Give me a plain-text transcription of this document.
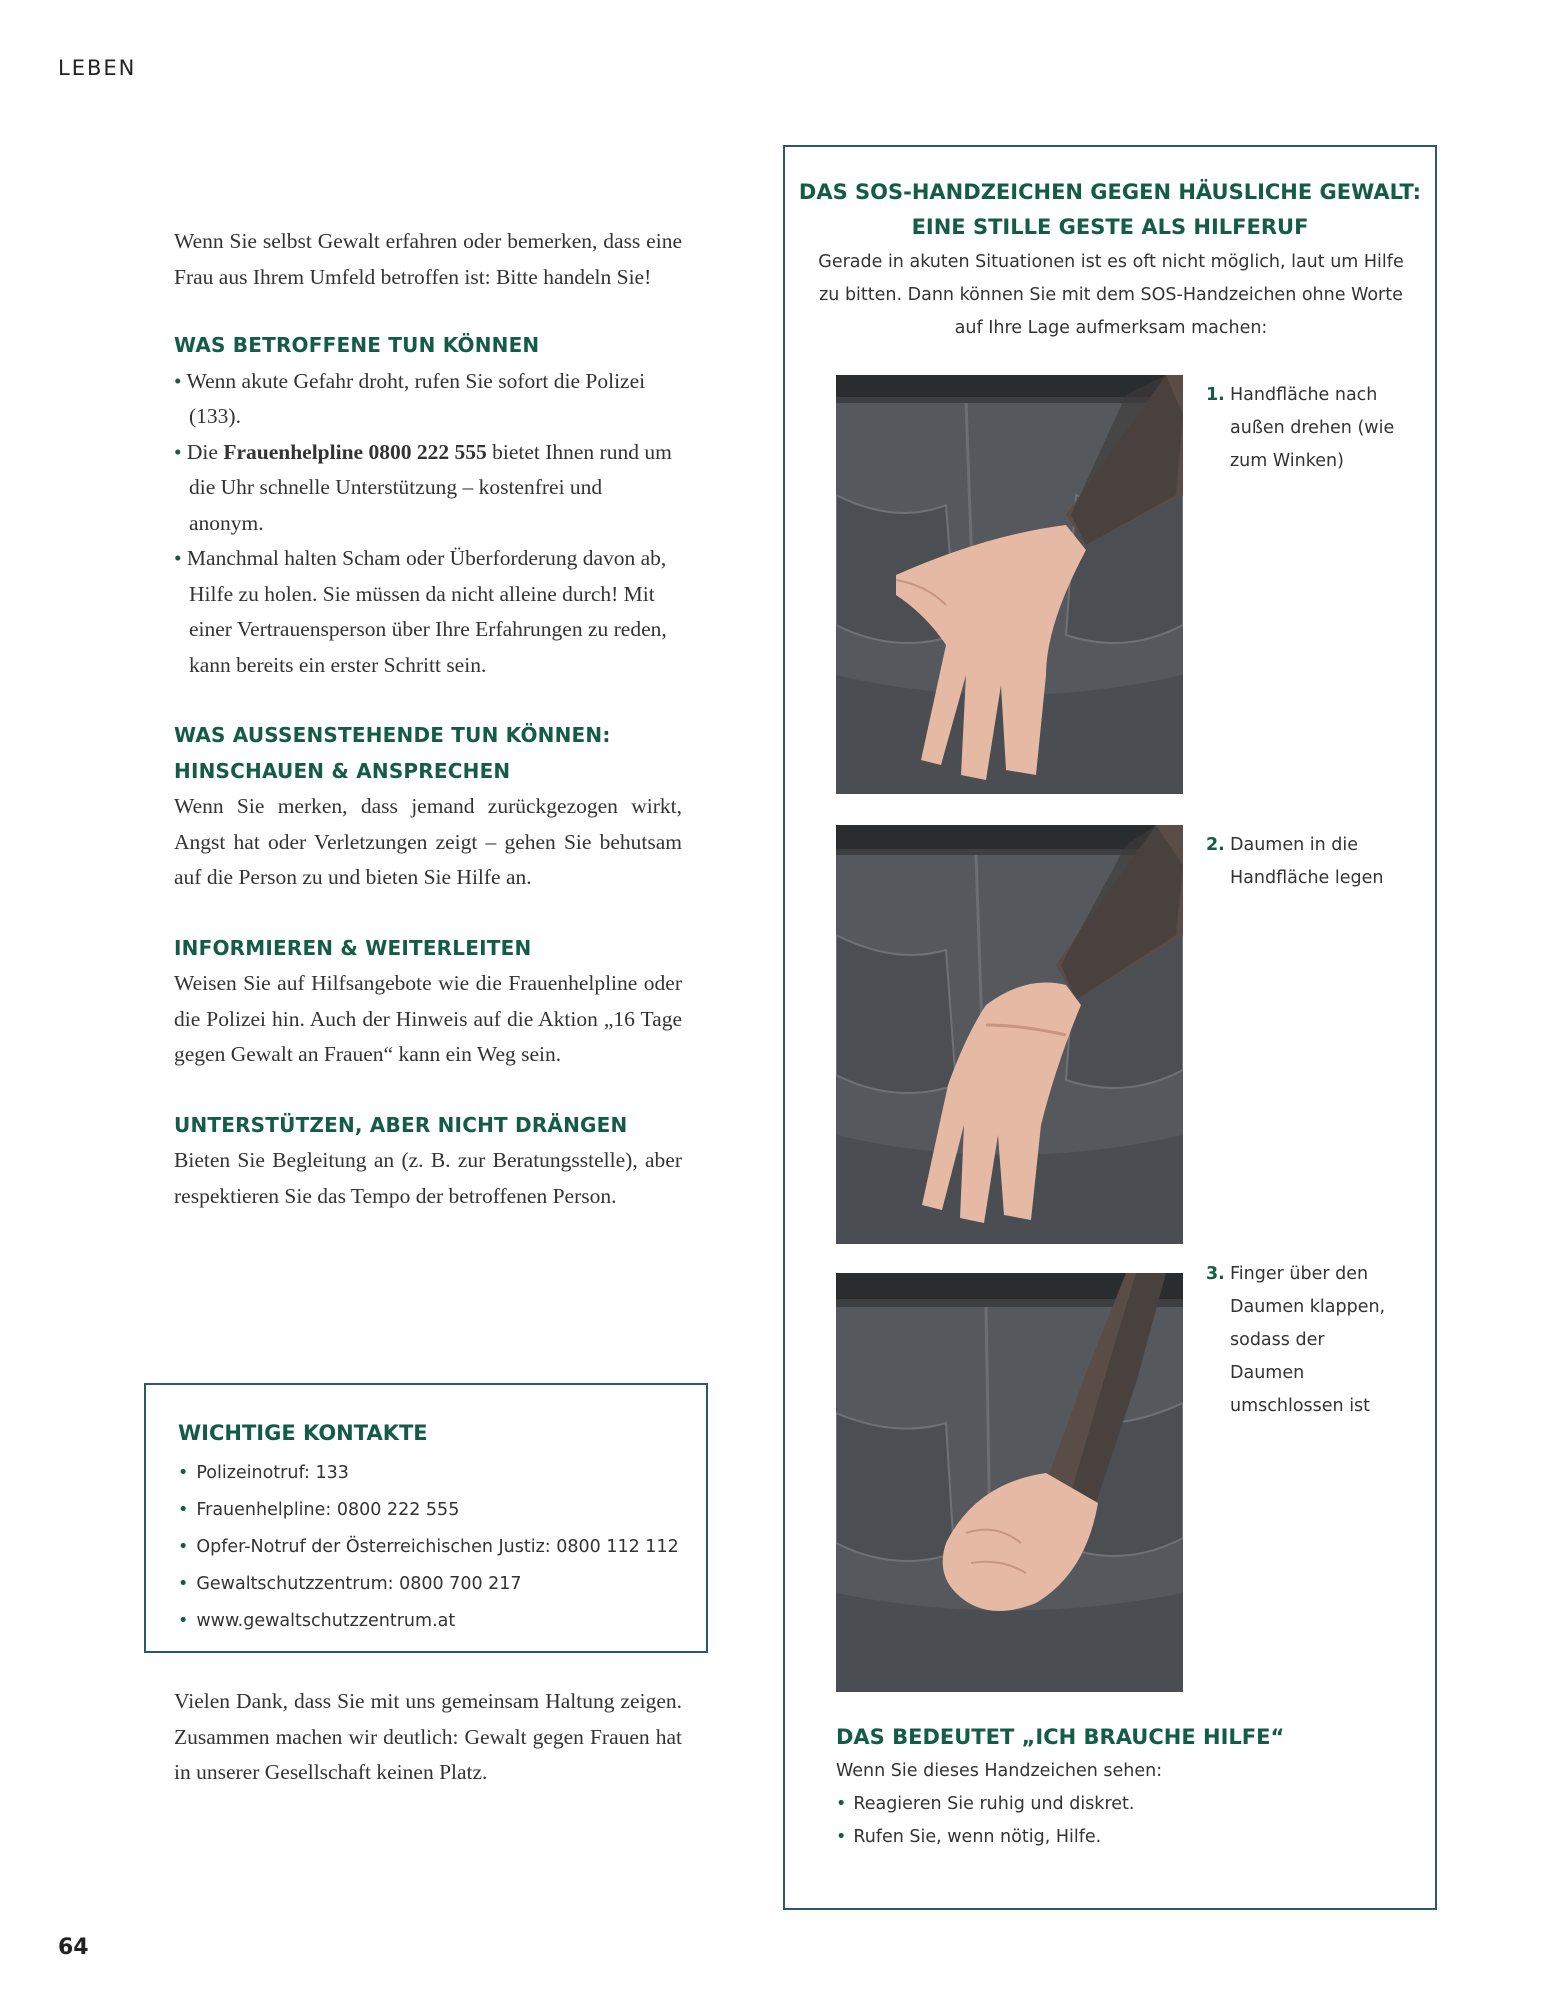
LEBEN

Wenn Sie selbst Gewalt erfahren oder bemerken, dass eine Frau aus Ihrem Umfeld betroffen ist: Bitte handeln Sie!

WAS BETROFFENE TUN KÖNNEN
• Wenn akute Gefahr droht, rufen Sie sofort die Polizei (133).
• Die Frauenhelpline 0800 222 555 bietet Ihnen rund um die Uhr schnelle Unterstützung – kostenfrei und anonym.
• Manchmal halten Scham oder Überforderung davon ab, Hilfe zu holen. Sie müssen da nicht alleine durch! Mit einer Vertrauensperson über Ihre Erfahrungen zu reden, kann bereits ein erster Schritt sein.
WAS AUSSENSTEHENDE TUN KÖNNEN:
HINSCHAUEN & ANSPRECHEN

Wenn Sie merken, dass jemand zurückgezogen wirkt, Angst hat oder Verletzungen zeigt – gehen Sie behutsam auf die Person zu und bieten Sie Hilfe an.

INFORMIEREN & WEITERLEITEN

Weisen Sie auf Hilfsangebote wie die Frauenhelpline oder die Polizei hin. Auch der Hinweis auf die Aktion „16 Tage gegen Gewalt an Frauen“ kann ein Weg sein.

UNTERSTÜTZEN, ABER NICHT DRÄNGEN

Bieten Sie Begleitung an (z. B. zur Beratungsstelle), aber respektieren Sie das Tempo der betroffenen Person.

WICHTIGE KONTAKTE
• Polizeinotruf: 133
• Frauenhelpline: 0800 222 555
• Opfer-Notruf der Österreichischen Justiz: 0800 112 112
• Gewaltschutzzentrum: 0800 700 217
• www.gewaltschutzzentrum.at

Vielen Dank, dass Sie mit uns gemeinsam Haltung zeigen. Zusammen machen wir deutlich: Gewalt gegen Frauen hat in unserer Gesellschaft keinen Platz.

DAS SOS-HANDZEICHEN GEGEN HÄUSLICHE GEWALT:
EINE STILLE GESTE ALS HILFERUF
Gerade in akuten Situationen ist es oft nicht möglich, laut um Hilfe zu bitten. Dann können Sie mit dem SOS-Handzeichen ohne Worte auf Ihre Lage aufmerksam machen:
1. Handfläche nach außen drehen (wie zum Winken)
2. Daumen in die Handfläche legen
3. Finger über den Daumen klappen, sodass der Daumen umschlossen ist
DAS BEDEUTET „ICH BRAUCHE HILFE“

Wenn Sie dieses Handzeichen sehen:

• Reagieren Sie ruhig und diskret.
• Rufen Sie, wenn nötig, Hilfe.
64
